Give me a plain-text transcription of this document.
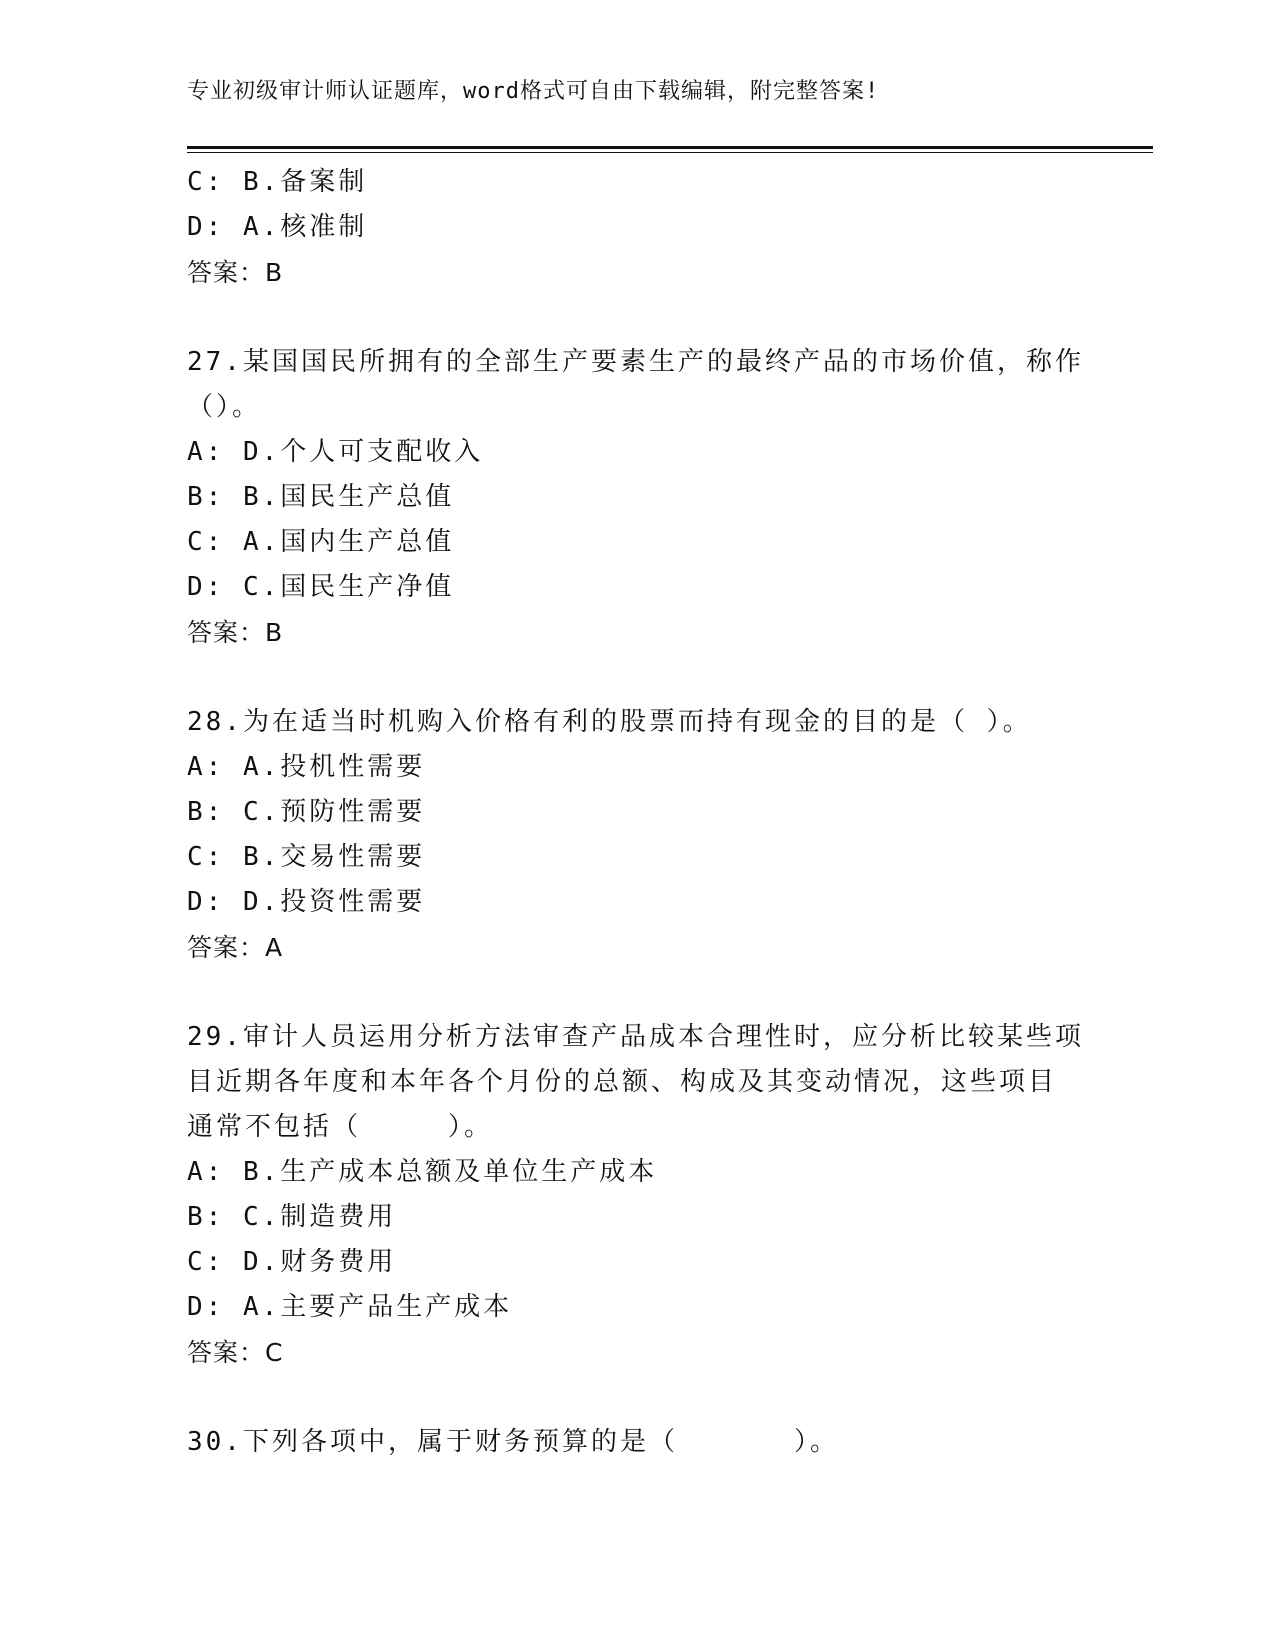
专业初级审计师认证题库，word格式可自由下载编辑，附完整答案!
C: B.备案制
D: A.核准制
答案：B
27.某国国民所拥有的全部生产要素生产的最终产品的市场价值，称作
（）。
A: D.个人可支配收入
B: B.国民生产总值
C: A.国内生产总值
D: C.国民生产净值
答案：B
28.为在适当时机购入价格有利的股票而持有现金的目的是（ ）。
A: A.投机性需要
B: C.预防性需要
C: B.交易性需要
D: D.投资性需要
答案：A
29.审计人员运用分析方法审查产品成本合理性时，应分析比较某些项
目近期各年度和本年各个月份的总额、构成及其变动情况，这些项目
通常不包括（　　　）。
A: B.生产成本总额及单位生产成本
B: C.制造费用
C: D.财务费用
D: A.主要产品生产成本
答案：C
30.下列各项中，属于财务预算的是（　　　　）。
